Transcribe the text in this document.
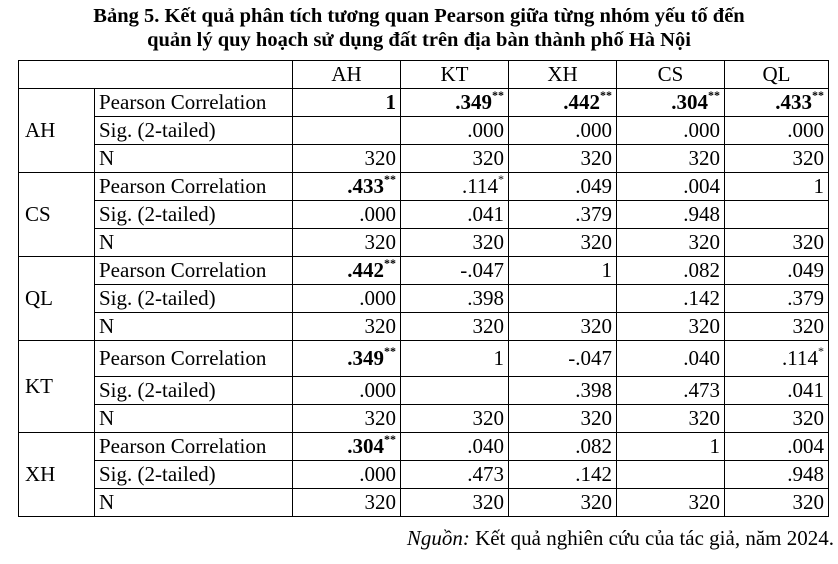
Bảng 5. Kết quả phân tích tương quan Pearson giữa từng nhóm yếu tố đến
quản lý quy hoạch sử dụng đất trên địa bàn thành phố Hà Nội
		AH	KT	XH	CS	QL
AH	Pearson Correlation	1	.349**	.442**	.304**	.433**
	Sig. (2-tailed)		.000	.000	.000	.000
	N	320	320	320	320	320
CS	Pearson Correlation	.433**	.114*	.049	.004	1
	Sig. (2-tailed)	.000	.041	.379	.948	
	N	320	320	320	320	320
QL	Pearson Correlation	.442**	-.047	1	.082	.049
	Sig. (2-tailed)	.000	.398		.142	.379
	N	320	320	320	320	320
KT	Pearson Correlation	.349**	1	-.047	.040	.114*
	Sig. (2-tailed)	.000		.398	.473	.041
	N	320	320	320	320	320
XH	Pearson Correlation	.304**	.040	.082	1	.004
	Sig. (2-tailed)	.000	.473	.142		.948
	N	320	320	320	320	320
Nguồn: Kết quả nghiên cứu của tác giả, năm 2024.
